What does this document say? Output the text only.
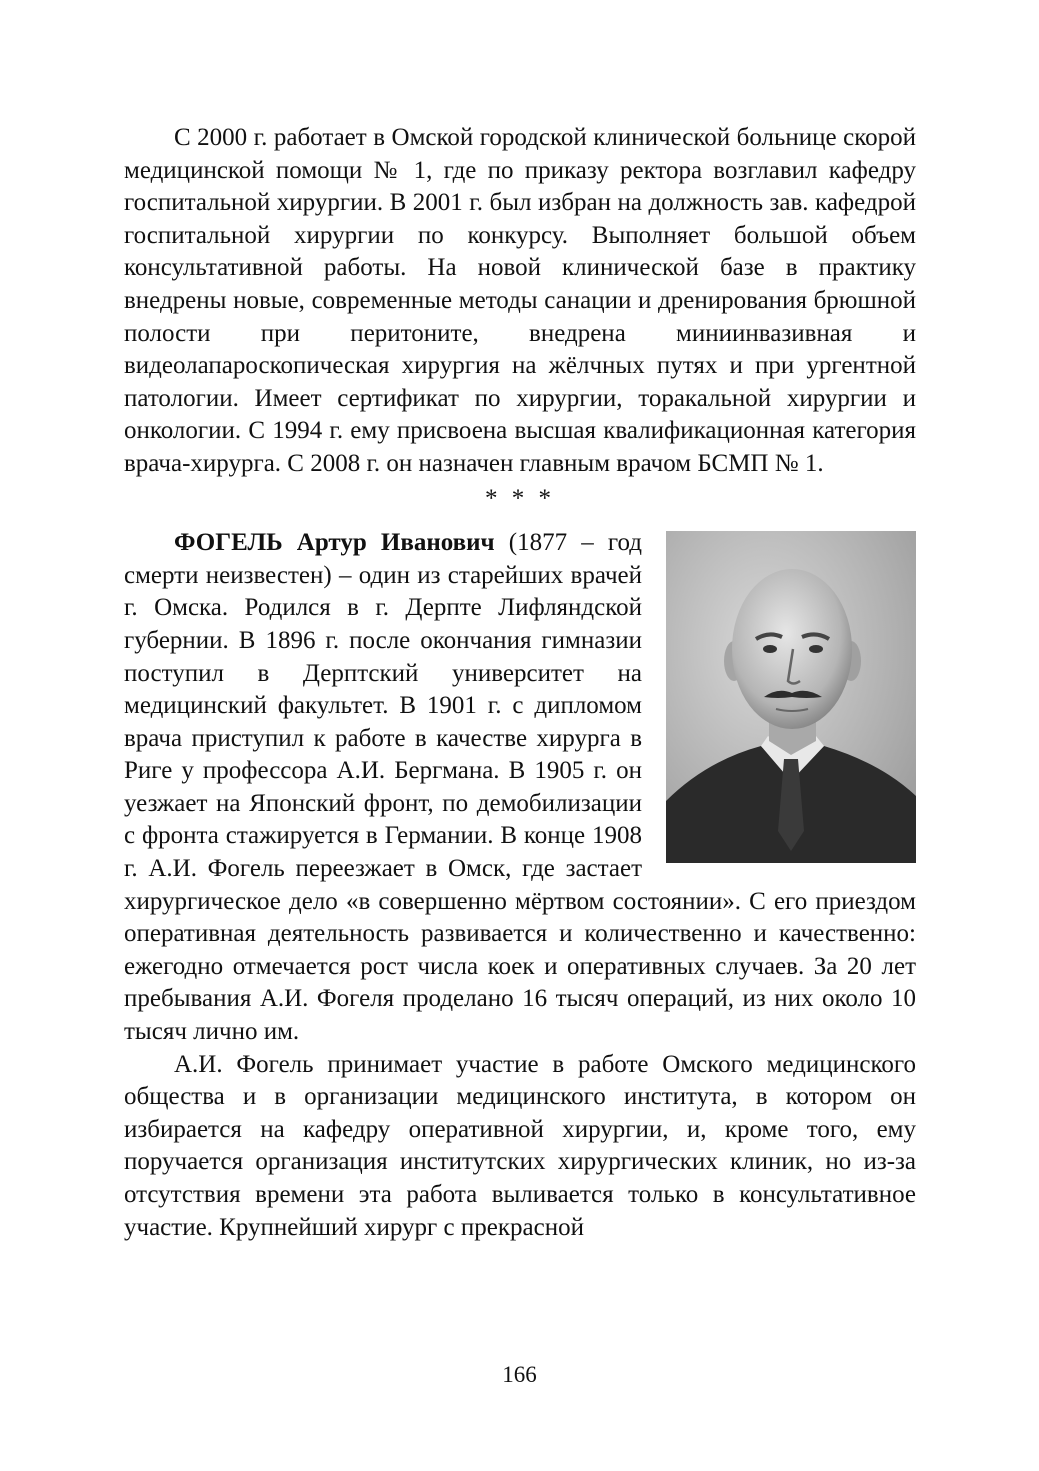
С 2000 г. работает в Омской городской клинической больнице скорой медицинской помощи № 1, где по приказу ректора возглавил кафедру госпитальной хирургии. В 2001 г. был избран на должность зав. кафедрой госпитальной хирургии по конкурсу. Выполняет большой объем консультативной работы. На новой клинической базе в практику внедрены новые, современные методы санации и дренирования брюшной полости при перитоните, внедрена миниинвазивная и видеолапароскопическая хирургия на жёлчных путях и при ургентной патологии. Имеет сертификат по хирургии, торакальной хирургии и онкологии. С 1994 г. ему присвоена высшая квалификационная категория врача-хирурга. С 2008 г. он назначен главным врачом БСМП № 1.

* * *

ФОГЕЛЬ Артур Иванович (1877 – год смерти неизвестен) – один из старейших врачей г. Омска. Родился в г. Дерпте Лифляндской губернии. В 1896 г. после окончания гимназии поступил в Дерптский университет на медицинский факультет. В 1901 г. с дипломом врача приступил к работе в качестве хирурга в Риге у профессора А.И. Бергмана. В 1905 г. он уезжает на Японский фронт, по демобилизации с фронта стажируется в Германии. В конце 1908 г. А.И. Фогель переезжает в Омск, где застает хирургическое дело «в совершенно мёртвом состоянии». С его приездом оперативная деятельность развивается и количественно и качественно: ежегодно отмечается рост числа коек и оперативных случаев. За 20 лет пребывания А.И. Фогеля проделано 16 тысяч операций, из них около 10 тысяч лично им.

А.И. Фогель принимает участие в работе Омского медицинского общества и в организации медицинского института, в котором он избирается на кафедру оперативной хирургии, и, кроме того, ему поручается организация институтских хирургических клиник, но из-за отсутствия времени эта работа выливается только в консультативное участие. Крупнейший хирург с прекрасной

166
